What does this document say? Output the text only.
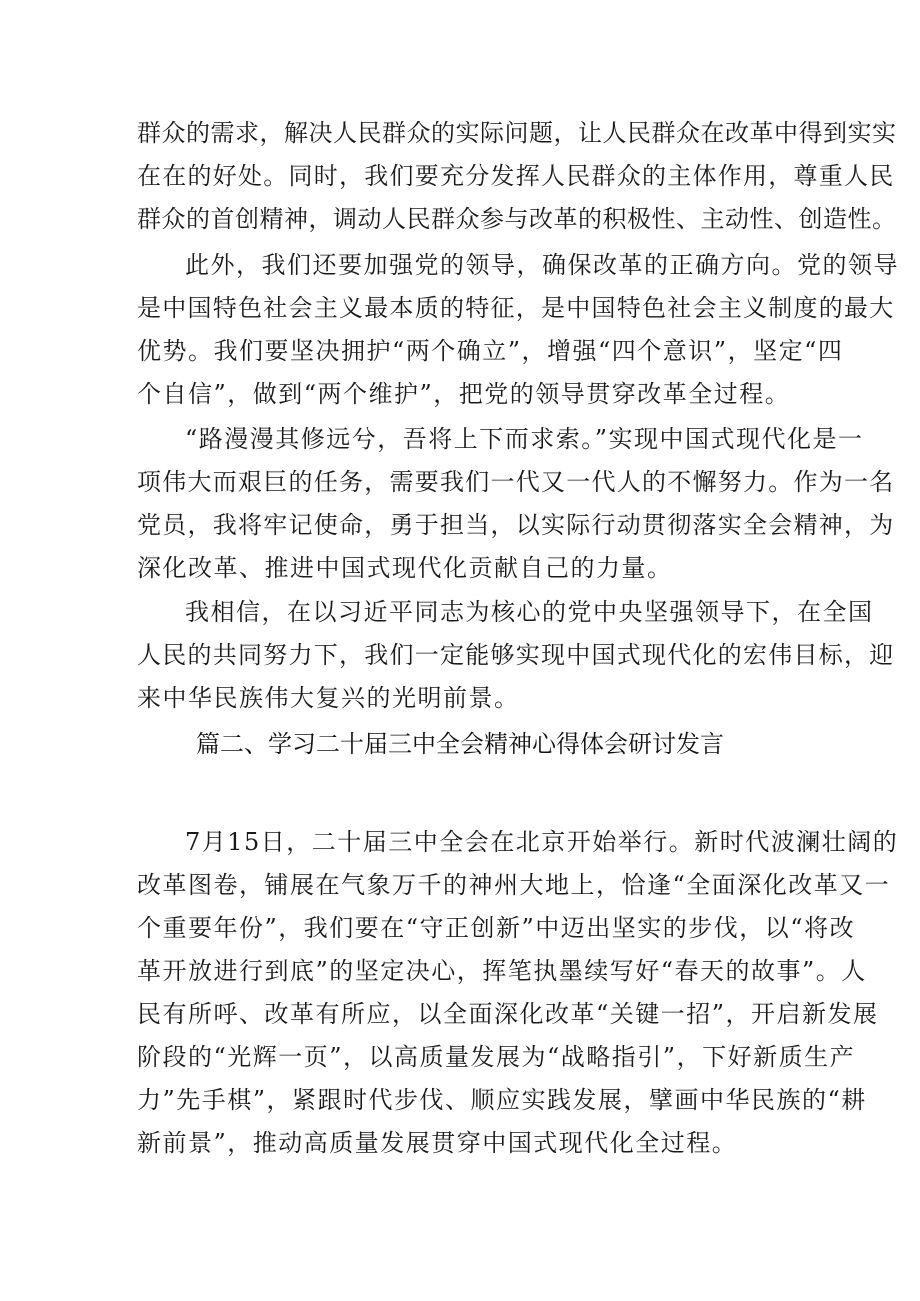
群众的需求，解决人民群众的实际问题，让人民群众在改革中得到实实
在在的好处。同时，我们要充分发挥人民群众的主体作用，尊重人民
群众的首创精神，调动人民群众参与改革的积极性、主动性、创造性。
此外，我们还要加强党的领导，确保改革的正确方向。党的领导
是中国特色社会主义最本质的特征，是中国特色社会主义制度的最大
优势。我们要坚决拥护“两个确立”，增强“四个意识”，坚定“四
个自信”，做到“两个维护”，把党的领导贯穿改革全过程。
“路漫漫其修远兮，吾将上下而求索。”实现中国式现代化是一
项伟大而艰巨的任务，需要我们一代又一代人的不懈努力。作为一名
党员，我将牢记使命，勇于担当，以实际行动贯彻落实全会精神，为
深化改革、推进中国式现代化贡献自己的力量。
我相信，在以习近平同志为核心的党中央坚强领导下，在全国
人民的共同努力下，我们一定能够实现中国式现代化的宏伟目标，迎
来中华民族伟大复兴的光明前景。
篇二、学习二十届三中全会精神心得体会研讨发言
7月15日，二十届三中全会在北京开始举行。新时代波澜壮阔的
改革图卷，铺展在气象万千的神州大地上，恰逢“全面深化改革又一
个重要年份”，我们要在“守正创新”中迈出坚实的步伐，以“将改
革开放进行到底”的坚定决心，挥笔执墨续写好“春天的故事”。人
民有所呼、改革有所应，以全面深化改革“关键一招”，开启新发展
阶段的“光辉一页”，以高质量发展为“战略指引”，下好新质生产
力”先手棋”，紧跟时代步伐、顺应实践发展，擘画中华民族的“耕
新前景”，推动高质量发展贯穿中国式现代化全过程。
